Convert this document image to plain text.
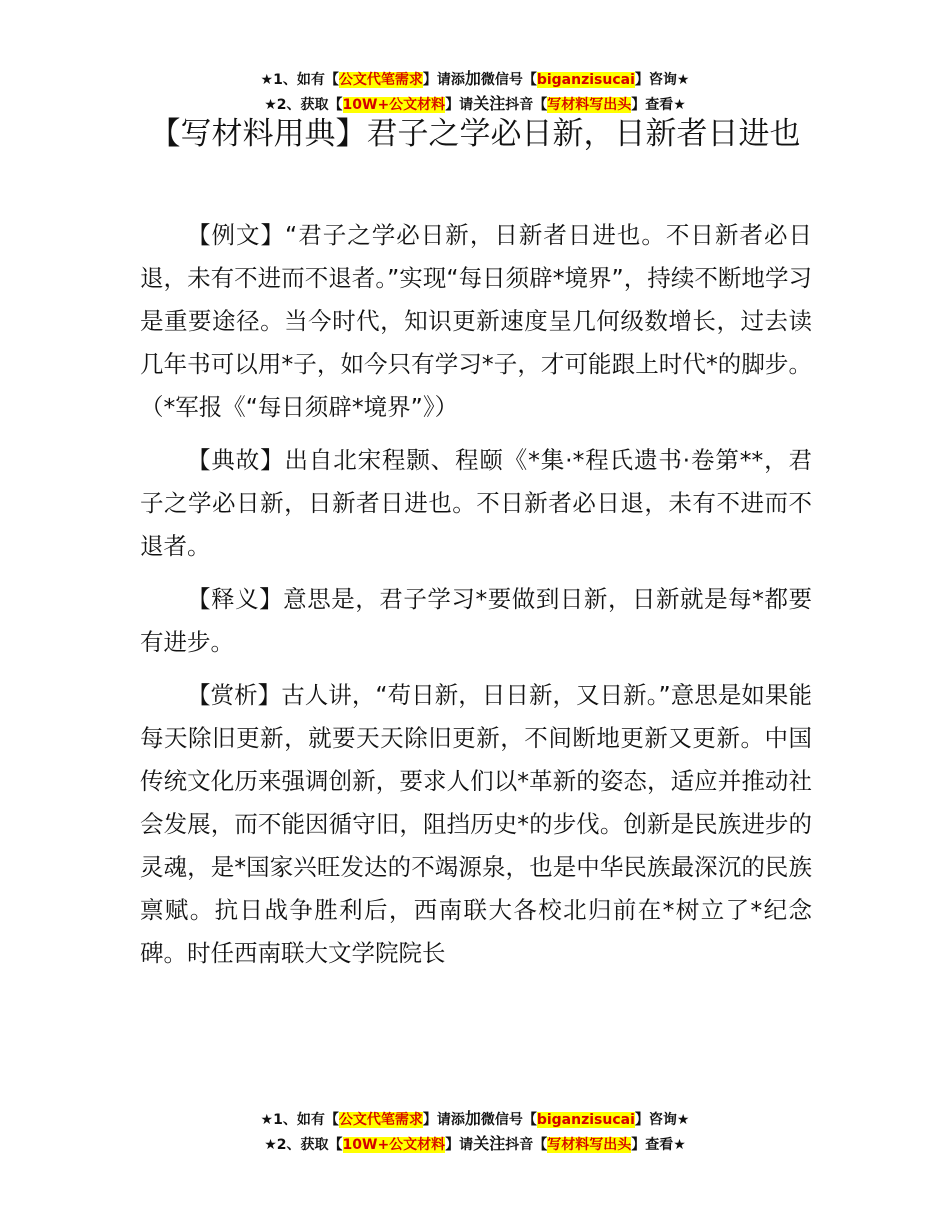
★1、如有【公文代笔需求】请添加微信号【biganzisucai】咨询★
★2、获取【10W+公文材料】请关注抖音【写材料写出头】查看★
【写材料用典】君子之学必日新，日新者日进也

【例文】“君子之学必日新，日新者日进也。不日新者必日退，未有不进而不退者。”实现“每日须辟*境界”，持续不断地学习是重要途径。当今时代，知识更新速度呈几何级数增长，过去读几年书可以用*子，如今只有学习*子，才可能跟上时代*的脚步。（*军报《“每日须辟*境界”》）

【典故】出自北宋程颢、程颐《*集·*程氏遗书·卷第**，君子之学必日新，日新者日进也。不日新者必日退，未有不进而不退者。

【释义】意思是，君子学习*要做到日新，日新就是每*都要有进步。

【赏析】古人讲，“苟日新，日日新，又日新。”意思是如果能每天除旧更新，就要天天除旧更新，不间断地更新又更新。中国传统文化历来强调创新，要求人们以*革新的姿态，适应并推动社会发展，而不能因循守旧，阻挡历史*的步伐。创新是民族进步的灵魂，是*国家兴旺发达的不竭源泉，也是中华民族最深沉的民族禀赋。抗日战争胜利后，西南联大各校北归前在*树立了*纪念碑。时任西南联大文学院院长

★1、如有【公文代笔需求】请添加微信号【biganzisucai】咨询★
★2、获取【10W+公文材料】请关注抖音【写材料写出头】查看★
